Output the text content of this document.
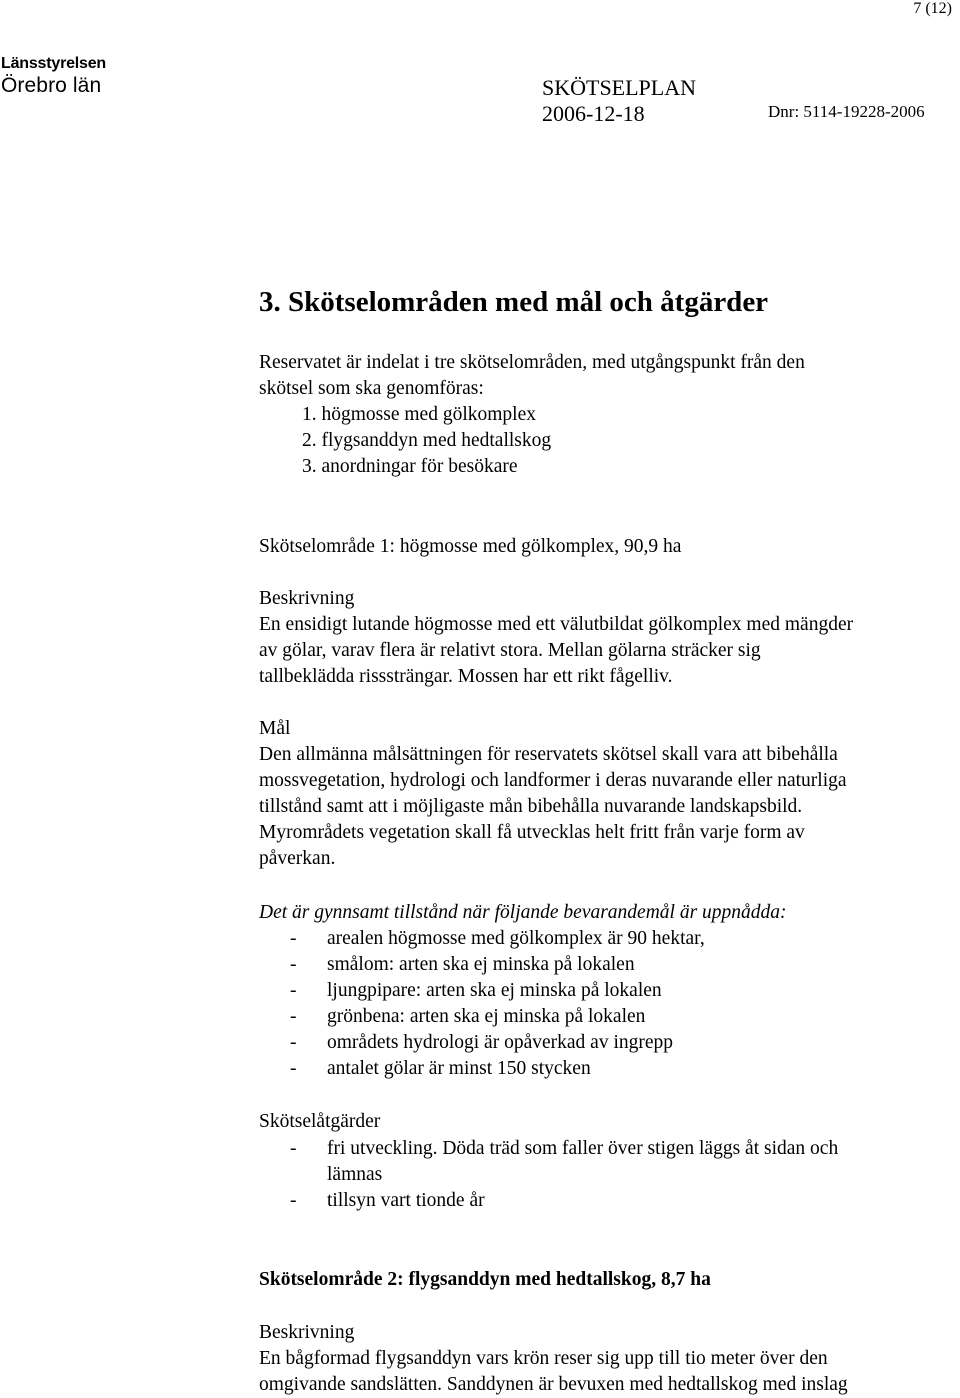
7 (12)
Länsstyrelsen
Örebro län	SKÖTSELPLAN
2006-12-18	Dnr: 5114-19228-2006
3. Skötselområden med mål och åtgärder
Reservatet är indelat i tre skötselområden, med utgångspunkt från den
skötsel som ska genomföras:
1. högmosse med gölkomplex
2. flygsanddyn med hedtallskog
3. anordningar för besökare
Skötselområde 1: högmosse med gölkomplex, 90,9 ha
Beskrivning
En ensidigt lutande högmosse med ett välutbildat gölkomplex med mängder
av gölar, varav flera är relativt stora. Mellan gölarna sträcker sig
tallbeklädda risssträngar. Mossen har ett rikt fågelliv.
Mål
Den allmänna målsättningen för reservatets skötsel skall vara att bibehålla
mossvegetation, hydrologi och landformer i deras nuvarande eller naturliga
tillstånd samt att i möjligaste mån bibehålla nuvarande landskapsbild.
Myrområdets vegetation skall få utvecklas helt fritt från varje form av
påverkan.
Det är gynnsamt tillstånd när följande bevarandemål är uppnådda:
- arealen högmosse med gölkomplex är 90 hektar,
- smålom: arten ska ej minska på lokalen
- ljungpipare: arten ska ej minska på lokalen
- grönbena: arten ska ej minska på lokalen
- områdets hydrologi är opåverkad av ingrepp
- antalet gölar är minst 150 stycken
Skötselåtgärder
- fri utveckling. Döda träd som faller över stigen läggs åt sidan och
lämnas
- tillsyn vart tionde år
Skötselområde 2: flygsanddyn med hedtallskog, 8,7 ha
Beskrivning
En bågformad flygsanddyn vars krön reser sig upp till tio meter över den
omgivande sandslätten. Sanddynen är bevuxen med hedtallskog med inslag
